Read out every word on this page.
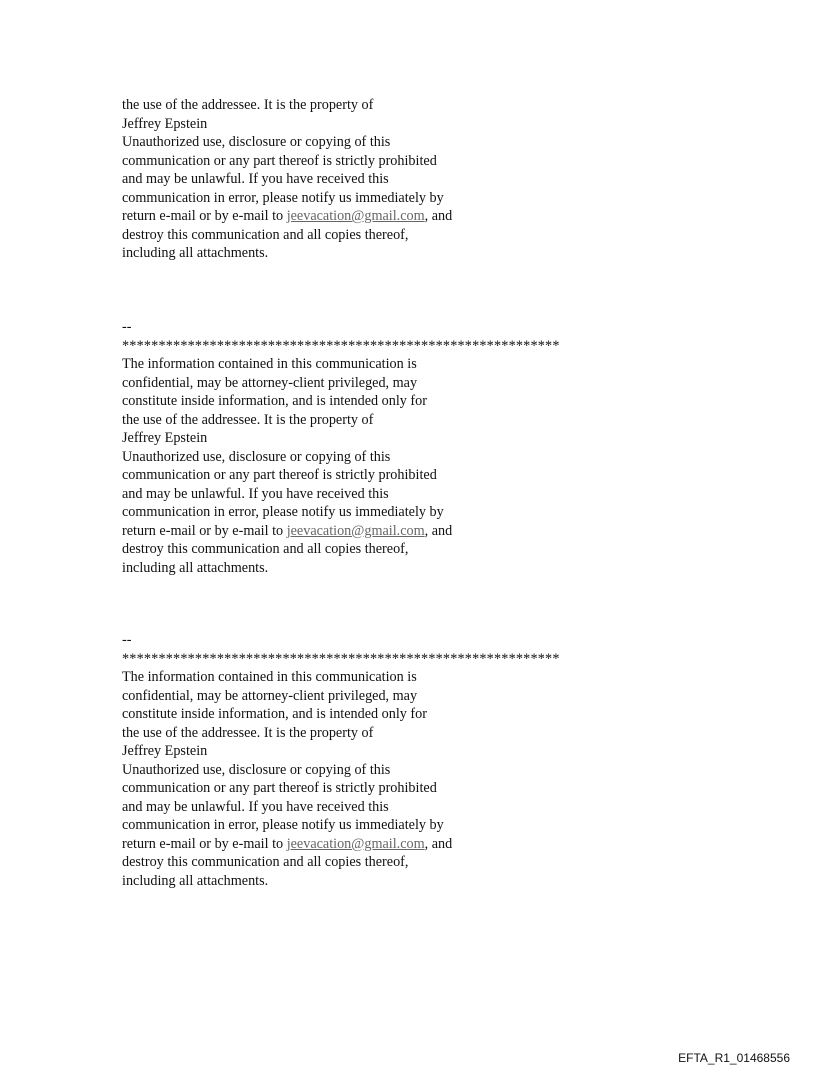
the use of the addressee. It is the property of
Jeffrey Epstein
Unauthorized use, disclosure or copying of this
communication or any part thereof is strictly prohibited
and may be unlawful. If you have received this
communication in error, please notify us immediately by
return e-mail or by e-mail to jeevacation@gmail.com, and
destroy this communication and all copies thereof,
including all attachments.
--
************************************************************
The information contained in this communication is
confidential, may be attorney-client privileged, may
constitute inside information, and is intended only for
the use of the addressee. It is the property of
Jeffrey Epstein
Unauthorized use, disclosure or copying of this
communication or any part thereof is strictly prohibited
and may be unlawful. If you have received this
communication in error, please notify us immediately by
return e-mail or by e-mail to jeevacation@gmail.com, and
destroy this communication and all copies thereof,
including all attachments.
--
************************************************************
The information contained in this communication is
confidential, may be attorney-client privileged, may
constitute inside information, and is intended only for
the use of the addressee. It is the property of
Jeffrey Epstein
Unauthorized use, disclosure or copying of this
communication or any part thereof is strictly prohibited
and may be unlawful. If you have received this
communication in error, please notify us immediately by
return e-mail or by e-mail to jeevacation@gmail.com, and
destroy this communication and all copies thereof,
including all attachments.
EFTA_R1_01468556
